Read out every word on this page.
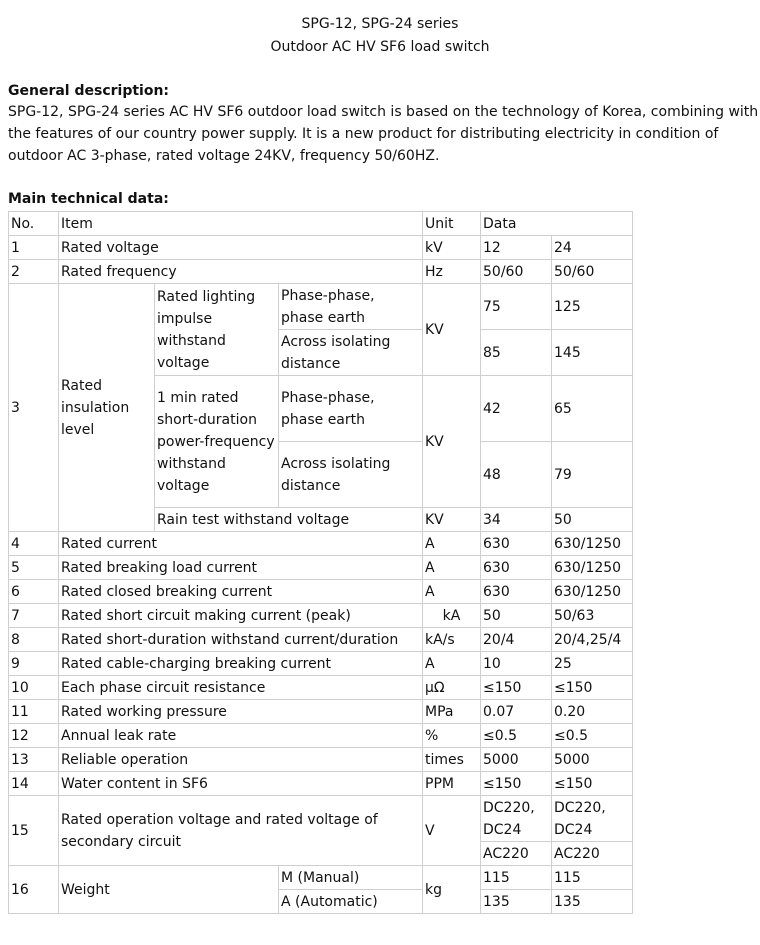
SPG-12, SPG-24 series
Outdoor AC HV SF6 load switch
General description:
SPG-12, SPG-24 series AC HV SF6 outdoor load switch is based on the technology of Korea, combining with the features of our country power supply. It is a new product for distributing electricity in condition of outdoor AC 3-phase, rated voltage 24KV, frequency 50/60HZ.
Main technical data:
No.	Item			Unit	Data	
1	Rated voltage			kV	12	24
2	Rated frequency			Hz	50/60	50/60
3	Rated insulation level	Rated lighting impulse withstand voltage	Phase-phase, phase earth	KV	75	125
			Across isolating distance		85	145
		1 min rated short-duration power-frequency withstand voltage	Phase-phase, phase earth	KV	42	65
			Across isolating distance		48	79
		Rain test withstand voltage		KV	34	50
4	Rated current			A	630	630/1250
5	Rated breaking load current			A	630	630/1250
6	Rated closed breaking current			A	630	630/1250
7	Rated short circuit making current (peak)			kA	50	50/63
8	Rated short-duration withstand current/duration			kA/s	20/4	20/4,25/4
9	Rated cable-charging breaking current			A	10	25
10	Each phase circuit resistance			μΩ	≤150	≤150
11	Rated working pressure			MPa	0.07	0.20
12	Annual leak rate			%	≤0.5	≤0.5
13	Reliable operation			times	5000	5000
14	Water content in SF6			PPM	≤150	≤150
15	Rated operation voltage and rated voltage of secondary circuit			V	DC220, DC24	DC220, DC24
					AC220	AC220
16	Weight		M (Manual)	kg	115	115
			A (Automatic)		135	135
